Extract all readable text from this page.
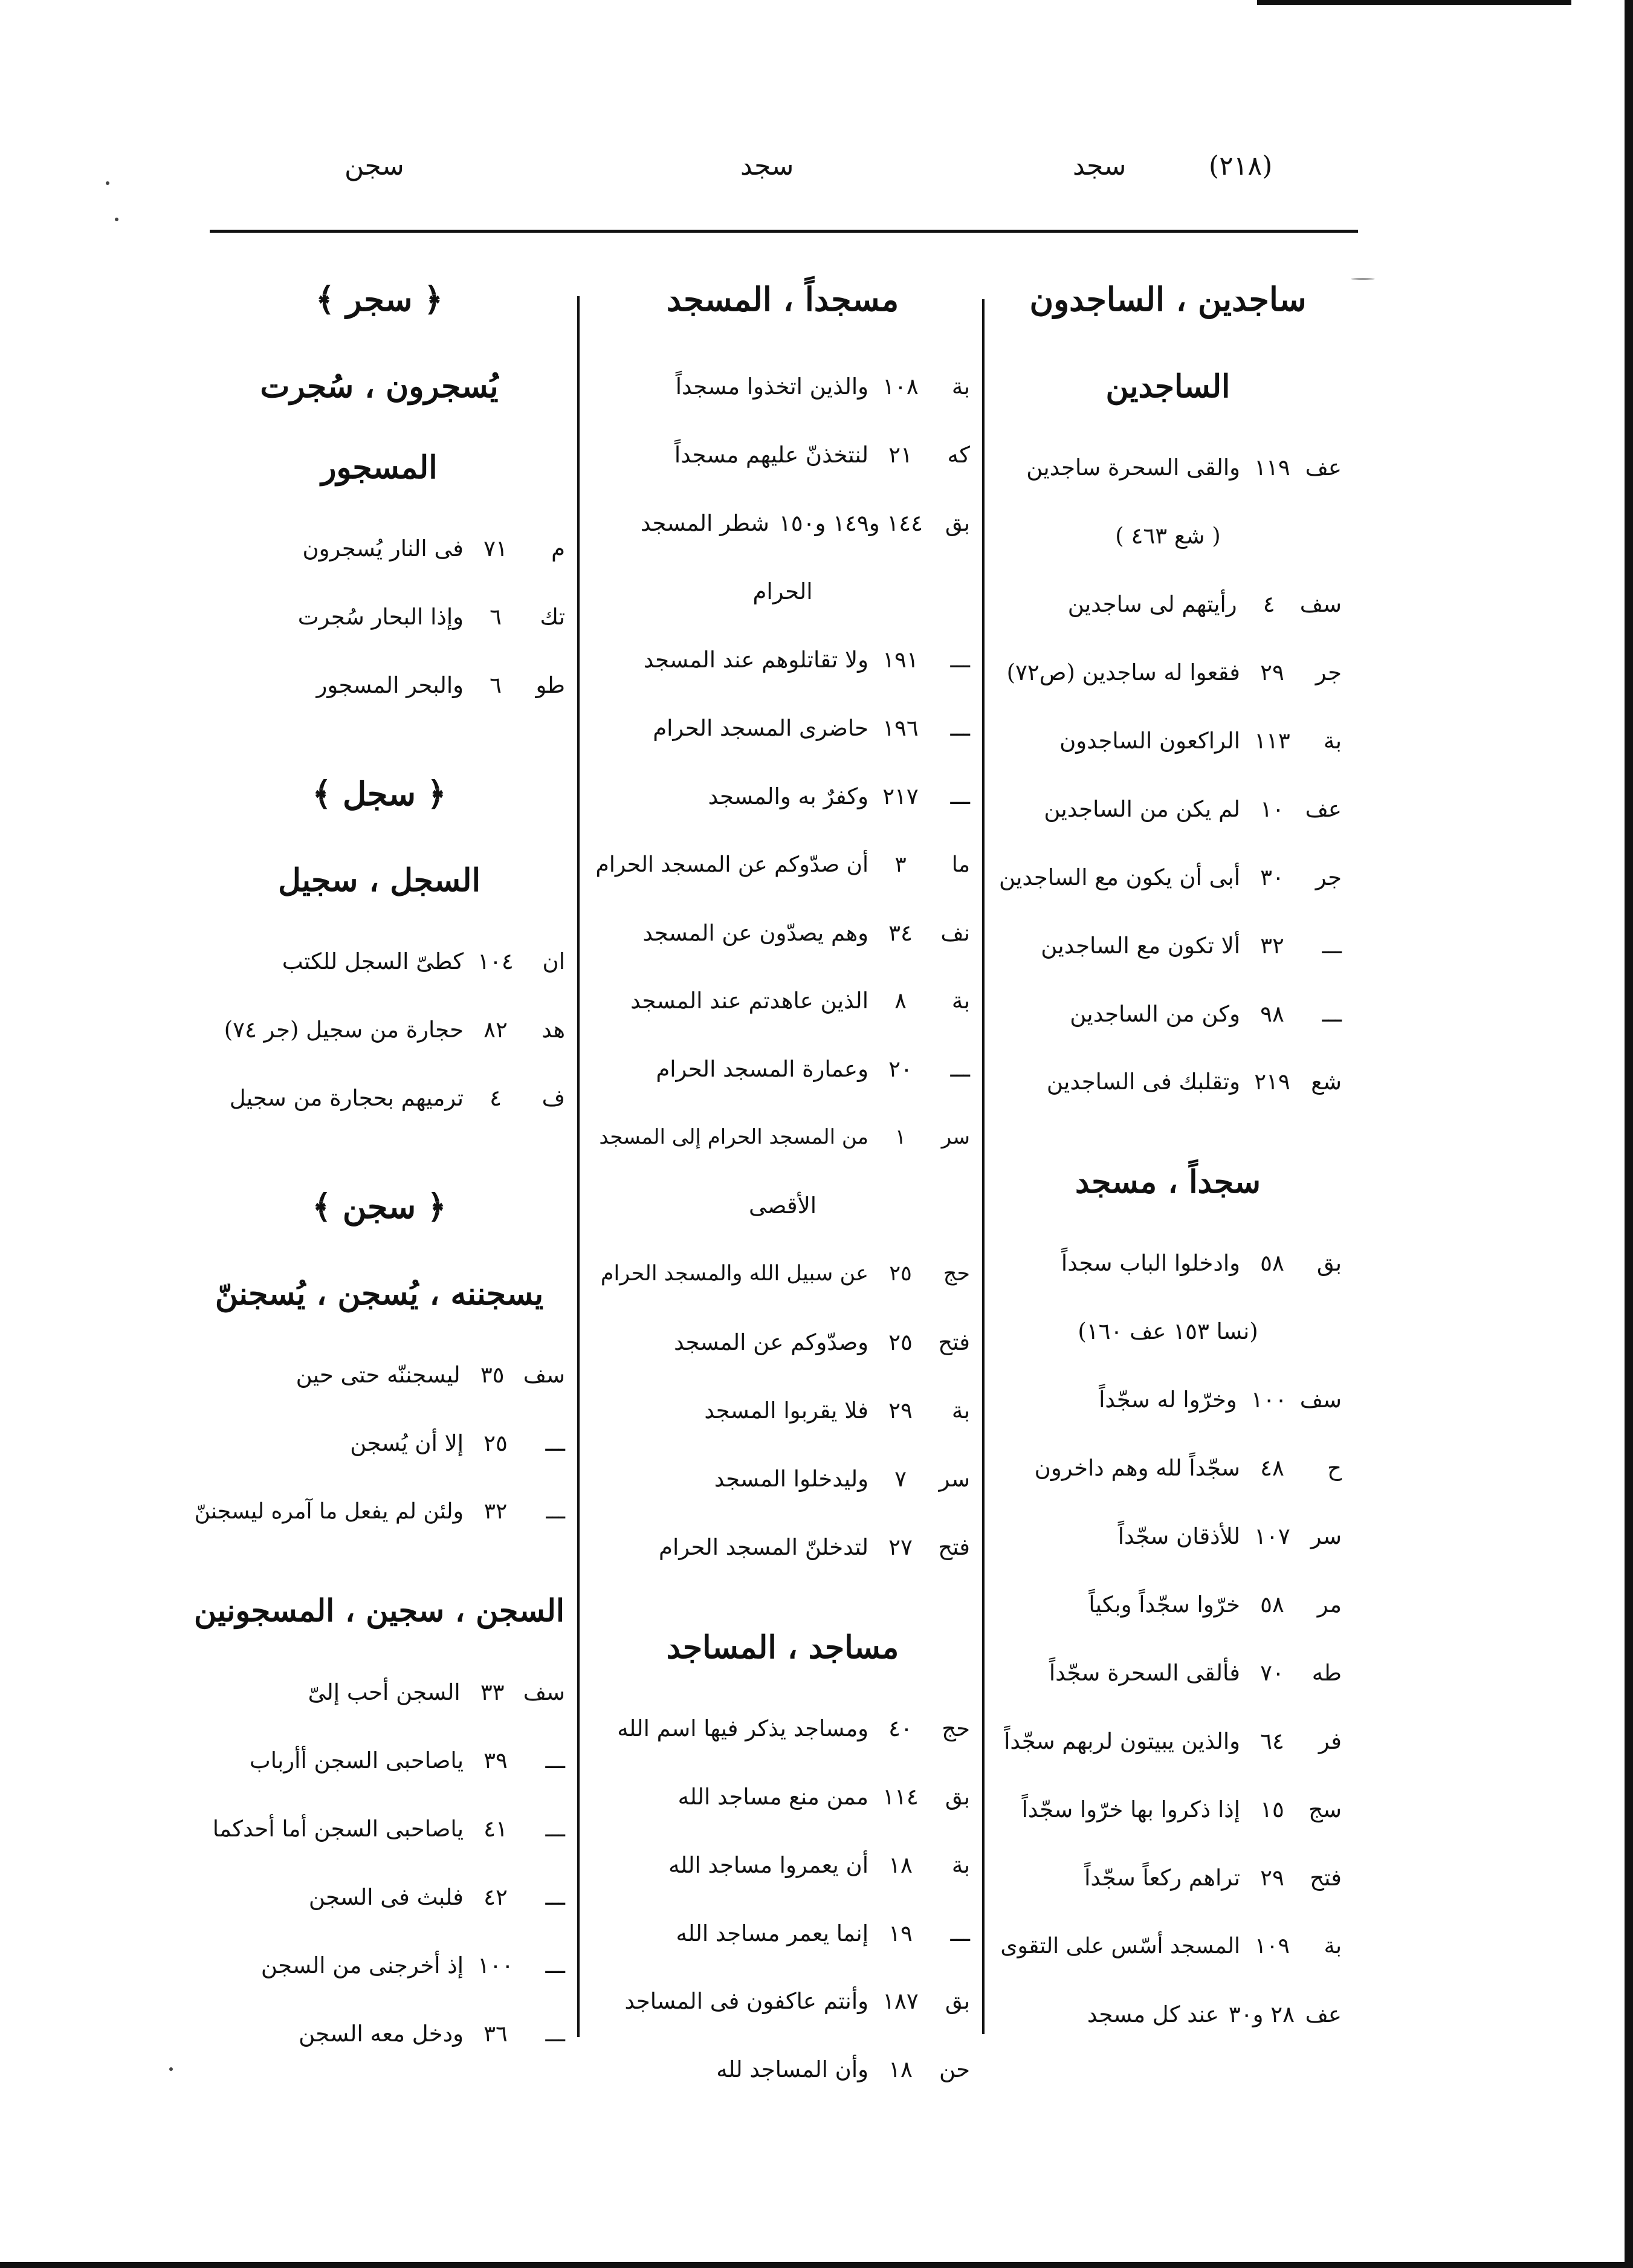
(٢١٨)
سجد
سجد
سجن
ساجدين ، الساجدون
الساجدين
عف
١١٩
والقى السحرة ساجدين
( شع ٤٦٣ )
سف
٤
رأيتهم لى ساجدين
جر
٢٩
فقعوا له ساجدين (ص٧٢)
بة
١١٣
الراكعون الساجدون
عف
١٠
لم يكن من الساجدين
جر
٣٠
أبى أن يكون مع الساجدين
ـــ
٣٢
ألا تكون مع الساجدين
ـــ
٩٨
وكن من الساجدين
شع
٢١٩
وتقلبك فى الساجدين
سجداً ، مسجد
بق
٥٨
وادخلوا الباب سجداً
(نسا ١٥٣ عف ١٦٠)
سف
١٠٠
وخرّوا له سجّداً
ح
٤٨
سجّداً لله وهم داخرون
سر
١٠٧
للأذقان سجّداً
مر
٥٨
خرّوا سجّداً وبكياً
طه
٧٠
فألقى السحرة سجّداً
فر
٦٤
والذين يبيتون لربهم سجّداً
سج
١٥
إذا ذكروا بها خرّوا سجّداً
فتح
٢٩
تراهم ركعاً سجّداً
بة
١٠٩
المسجد أسّس على التقوى
عف
٢٨ و٣٠
عند كل مسجد
مسجداً ، المسجد
بة
١٠٨
والذين اتخذوا مسجداً
كه
٢١
لنتخذنّ عليهم مسجداً
بق
١٤٤ و١٤٩ و١٥٠
شطر المسجد
الحرام
ـــ
١٩١
ولا تقاتلوهم عند المسجد
ـــ
١٩٦
حاضرى المسجد الحرام
ـــ
٢١٧
وكفرٌ به والمسجد
ما
٣
أن صدّوكم عن المسجد الحرام
نف
٣٤
وهم يصدّون عن المسجد
بة
٨
الذين عاهدتم عند المسجد
ـــ
٢٠
وعمارة المسجد الحرام
سر
١
من المسجد الحرام إلى المسجد
الأقصى
حج
٢٥
عن سبيل الله والمسجد الحرام
فتح
٢٥
وصدّوكم عن المسجد
بة
٢٩
فلا يقربوا المسجد
سر
٧
وليدخلوا المسجد
فتح
٢٧
لتدخلنّ المسجد الحرام
مساجد ، المساجد
حج
٤٠
ومساجد يذكر فيها اسم الله
بق
١١٤
ممن منع مساجد الله
بة
١٨
أن يعمروا مساجد الله
ـــ
١٩
إنما يعمر مساجد الله
بق
١٨٧
وأنتم عاكفون فى المساجد
حن
١٨
وأن المساجد لله
﴿ سجر ﴾
يُسجرون ، سُجرت
المسجور
م
٧١
فى النار يُسجرون
تك
٦
وإذا البحار سُجرت
طو
٦
والبحر المسجور
﴿ سجل ﴾
السجل ، سجيل
ان
١٠٤
كطىّ السجل للكتب
هد
٨٢
حجارة من سجيل (جر ٧٤)
ف
٤
ترميهم بحجارة من سجيل
﴿ سجن ﴾
يسجننه ، يُسجن ، يُسجننّ
سف
٣٥
ليسجننّه حتى حين
ـــ
٢٥
إلا أن يُسجن
ـــ
٣٢
ولئن لم يفعل ما آمره ليسجننّ
السجن ، سجين ، المسجونين
سف
٣٣
السجن أحب إلىّ
ـــ
٣٩
ياصاحبى السجن أأرباب
ـــ
٤١
ياصاحبى السجن أما أحدكما
ـــ
٤٢
فلبث فى السجن
ـــ
١٠٠
إذ أخرجنى من السجن
ـــ
٣٦
ودخل معه السجن
